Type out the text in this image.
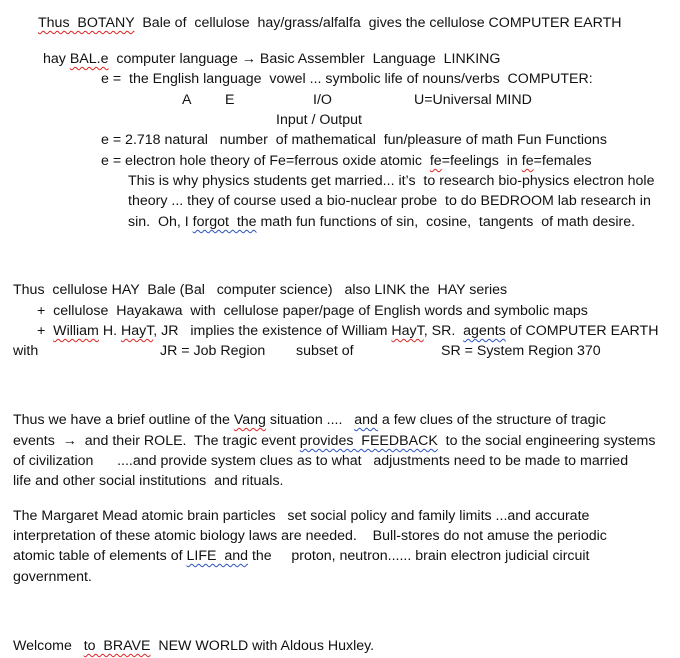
Thus  BOTANY  Bale of  cellulose  hay/grass/alfalfa  gives the cellulose COMPUTER EARTH
hay BAL.e  computer language → Basic Assembler  Language  LINKING
e =  the English language  vowel ... symbolic life of nouns/verbs  COMPUTER:
A E	I/O	U=Universal MIND
Input / Output
e = 2.718 natural   number  of mathematical  fun/pleasure of math Fun Functions
e = electron hole theory of Fe=ferrous oxide atomic  fe=feelings  in fe=females
This is why physics students get married... it’s  to research bio-physics electron hole
theory ... they of course used a bio-nuclear probe  to do BEDROOM lab research in
sin.  Oh, I forgot  the math fun functions of sin,  cosine,  tangents  of math desire.
Thus  cellulose HAY  Bale (Bal   computer science)   also LINK the  HAY series
+  cellulose  Hayakawa  with  cellulose paper/page of English words and symbolic maps
+  William H. HayT, JR   implies the existence of William HayT, SR.  agents of COMPUTER EARTH
with	JR = Job Region subset of	SR = System Region 370
Thus we have a brief outline of the Vang situation ....   and a few clues of the structure of tragic
events  →  and their ROLE.  The tragic event provides  FEEDBACK  to the social engineering systems
of civilization      ....and provide system clues as to what   adjustments need to be made to married
life and other social institutions  and rituals.
The Margaret Mead atomic brain particles   set social policy and family limits ...and accurate
interpretation of these atomic biology laws are needed.    Bull-stores do not amuse the periodic
atomic table of elements of LIFE  and the     proton, neutron...... brain electron judicial circuit
government.
Welcome   to  BRAVE  NEW WORLD with Aldous Huxley.
